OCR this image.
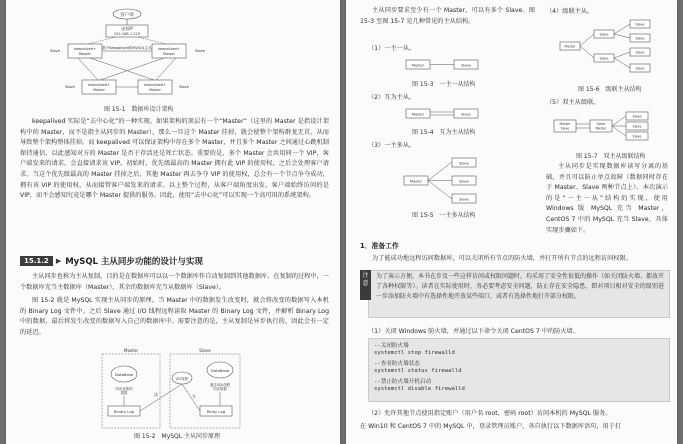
客户端
虚拟IP
192.168.1.220
keepalived+
Master
keepalived+
Master
基于Keepalived的MySQL主从
Slave	Slave
keepalived+
Master
keepalived+
Master
Slave	Slave
图 15-1　数据库设计架构

keepalived 实际是“去中心化”的一种实现。如果架构的顶层有一个“Master”（这里的 Master 是指设计架构中的 Master，而不是指主从同步的 Master），那么一旦这个 Master 挂掉，就会使整个架构群龙无首，从而导致整个架构整体挂掉。而 keepalived 可以保证架构中存在多个 Master，并且多个 Master 之间通过心跳机制保持通信，以此感知对方的 Master 是否于存活还是死亡状态。重要的是，多个 Master 会共用同一个 VIP，客户端发来的请求，会直接请求该 VIP。初始时，优先级最高的 Master 拥有此 VIP 的使用权，之后会处理客户请求。当这个优先级最高的 Master 挂掉之后，其他 Master 再去争夺 VIP 的使用权，总会有一个节点争夺成功，拥有该 VIP 的使用权，从而接管客户端发来的请求。以上整个过程，从客户端角度出发，客户端始终访问的是 VIP，而不会感知究竟是哪个 Master 提供的服务。因此，使用“去中心化”可以实现一个高可用的系统架构。

15.1.2	▶ MySQL 主从同步功能的设计与实现

主从同步也称为主从复制，目的是在数据库可以以一个数据库作自动复制到其他数据库。在复制的过程中，一个数据库充当主数据库（Master），其余的数据库充当从数据库（Slave）。

图 15-2 就是 MySQL 实现主从同步的原理。当 Master 中的数据发生改变时，就会将改变的数据写入本机的 Binary Log 文件中。之后 Slave 通过 I/O 线程远程读取 Master 的 Binary Log 文件，并解析 Binary Log 中的数据，最后将发生改变的数据写入自己的数据库中。需要注意的是，主从复制是异步执行的，因此会有一定的延迟。

Master	Slave
DataBase
同步更新的
数据
Binary Log
I/O线程
DataBase
通过SQL线程
同步数据
Relay Log
读	写
图 15-2　MySQL 主从同步原理

主从同步要求至少有一个 Master，可以有多个 Slave。图 15-3 至图 15-7 是几种常见的主从结构。

（1）一主一从。
Master	Slave
图 15-3　一主一从结构
（2）互为主从。
Master	Slave
图 15-4　互为主从结构
（3）一主多从。
Master
Slave
Slave
Slave
图 15-5　一主多从结构
（4）级联主从。
Master
Slave
Slave
Slave
Slave
Slave
Slave
图 15-6　级联主从结构
（5）双主从级联。
Master
Slave
Slave
Master
Slave
Slave
Slave
图 15-7　双主从级联结构

主从同步是实现数据库读写分离的基础，并且可以防止单点故障（数据同时存在于 Master、Slave 两种节点上）。本次演示的是“一主一从”结构的实现，使用 Windows 版 MySQL 充当 Master，CentOS 7 中的 MySQL 充当 Slave，具体实现步骤如下。

1．准备工作

为了能成功地远程访问数据库，可以关闭所有节点的防火墙，并打开所有节点的远程访问权限。

注意

为了演示方便，本书在步及一些这样访问或权限问题时，均采用了安全性很低的操作（如关闭防火墙、都放开了各种权限等）。读者在实际使用时，务必要考虑安全问题，防止存在安全隐患，即对项目相对安全的级别进一步添加防火墙中有选择性地开放某些端口，或者有选择性地打开部分权限。

（1）关闭 Windows 防火墙，并通过以下命令关闭 CentOS 7 中的防火墙。
--关闭防火墙
systemctl stop firewalld
--查看防火墙状态
systemctl status firewalld
--禁止防火墙开机启动
systemctl disable firewalld
（2）允许其他节点使用指定账户（用户名 root，密码 root）访问本机的 MySQL 服务。
在 Win10 和 CentOS 7 中的 MySQL 中，登录管理员账户，各自执行以下数据库语句，用于打
